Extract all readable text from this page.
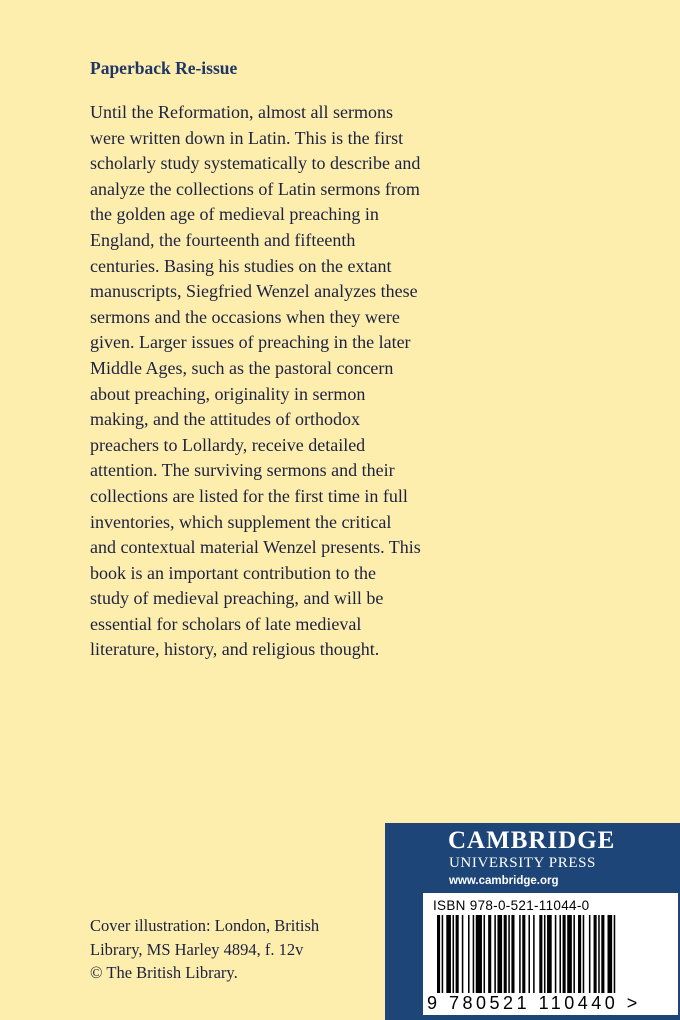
Paperback Re-issue

Until the Reformation, almost all sermons
were written down in Latin. This is the first
scholarly study systematically to describe and
analyze the collections of Latin sermons from
the golden age of medieval preaching in
England, the fourteenth and fifteenth
centuries. Basing his studies on the extant
manuscripts, Siegfried Wenzel analyzes these
sermons and the occasions when they were
given. Larger issues of preaching in the later
Middle Ages, such as the pastoral concern
about preaching, originality in sermon
making, and the attitudes of orthodox
preachers to Lollardy, receive detailed
attention. The surviving sermons and their
collections are listed for the first time in full
inventories, which supplement the critical
and contextual material Wenzel presents. This
book is an important contribution to the
study of medieval preaching, and will be
essential for scholars of late medieval
literature, history, and religious thought.

Cover illustration: London, British
Library, MS Harley 4894, f. 12v
© The British Library.

CAMBRIDGE
UNIVERSITY PRESS
www.cambridge.org
ISBN 978-0-521-11044-0
9 780521 110440 >
